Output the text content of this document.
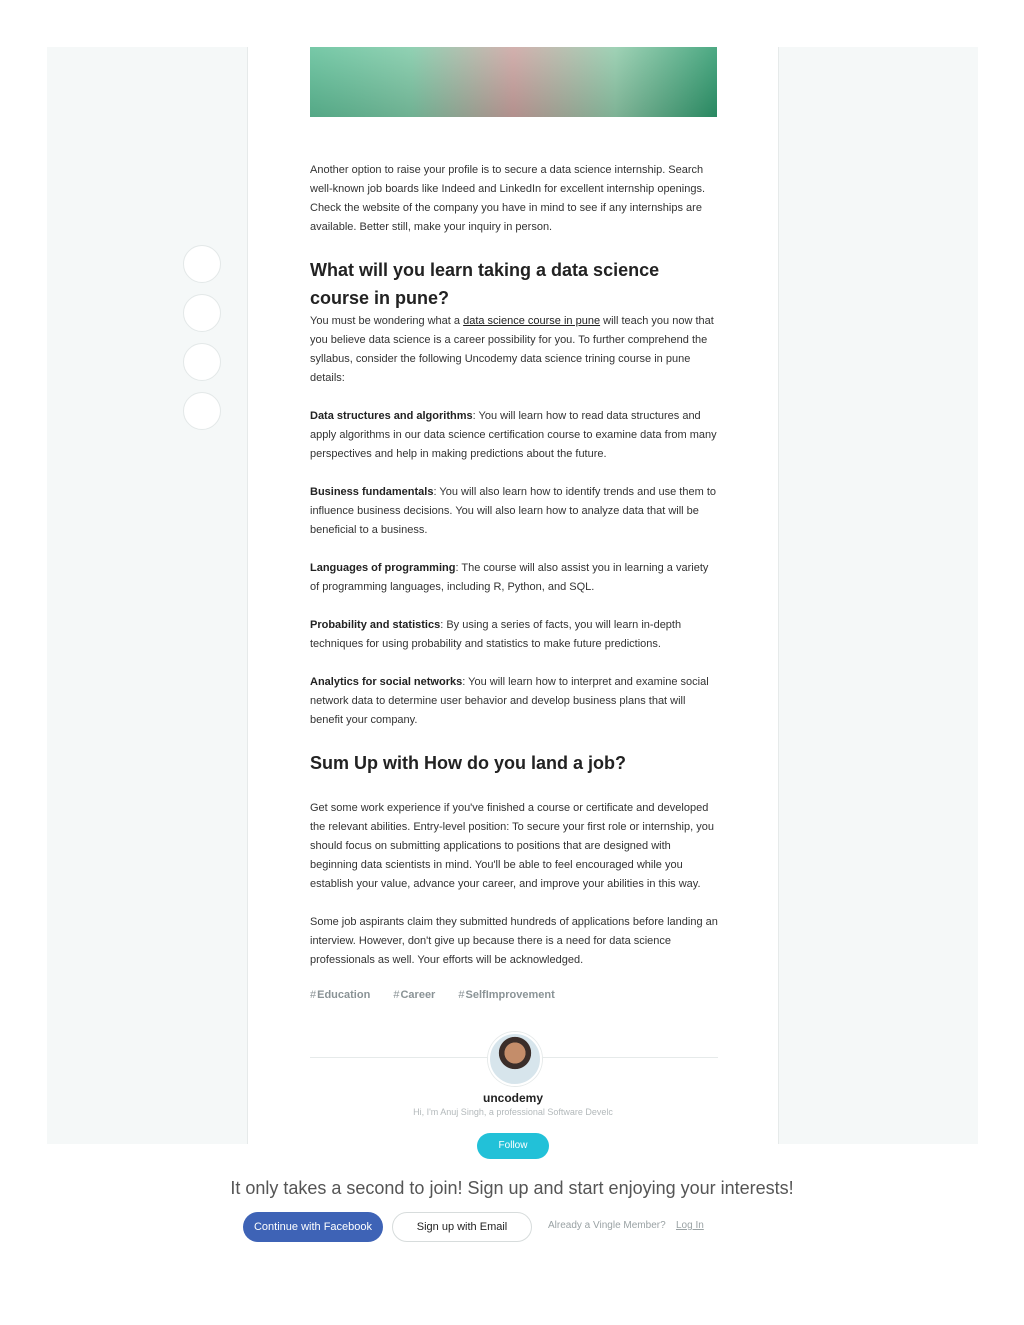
Another option to raise your profile is to secure a data science internship. Search well-known job boards like Indeed and LinkedIn for excellent internship openings. Check the website of the company you have in mind to see if any internships are available. Better still, make your inquiry in person.

What will you learn taking a data science course in pune?

You must be wondering what a data science course in pune will teach you now that you believe data science is a career possibility for you. To further comprehend the syllabus, consider the following Uncodemy data science trining course in pune details:

Data structures and algorithms: You will learn how to read data structures and apply algorithms in our data science certification course to examine data from many perspectives and help in making predictions about the future.

Business fundamentals: You will also learn how to identify trends and use them to influence business decisions. You will also learn how to analyze data that will be beneficial to a business.

Languages of programming: The course will also assist you in learning a variety of programming languages, including R, Python, and SQL.

Probability and statistics: By using a series of facts, you will learn in-depth techniques for using probability and statistics to make future predictions.

Analytics for social networks: You will learn how to interpret and examine social network data to determine user behavior and develop business plans that will benefit your company.

Sum Up with How do you land a job?

Get some work experience if you've finished a course or certificate and developed the relevant abilities. Entry-level position: To secure your first role or internship, you should focus on submitting applications to positions that are designed with beginning data scientists in mind. You'll be able to feel encouraged while you establish your value, advance your career, and improve your abilities in this way.

Some job aspirants claim they submitted hundreds of applications before landing an interview. However, don't give up because there is a need for data science professionals as well. Your efforts will be acknowledged.

#Education #Career #SelfImprovement
uncodemy
Hi, I'm Anuj Singh, a professional Software Develc
Follow
It only takes a second to join! Sign up and start enjoying your interests!
Continue with Facebook	Sign up with Email	Already a Vingle Member? Log In
